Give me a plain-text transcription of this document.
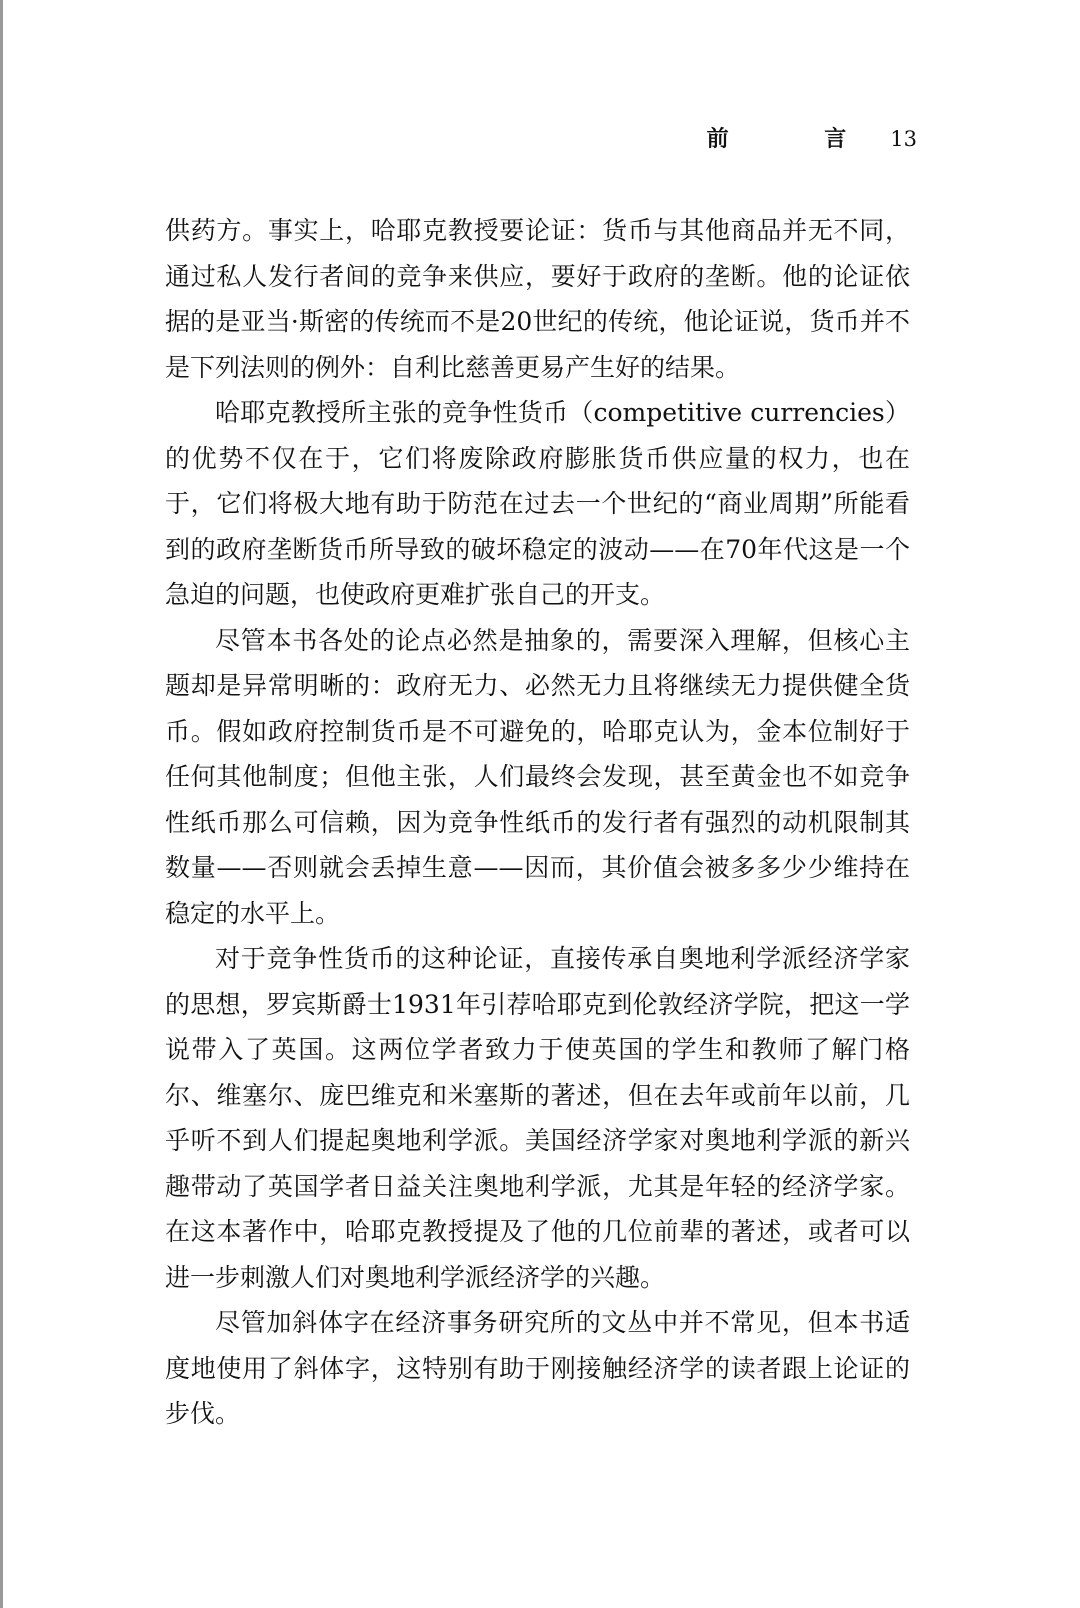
前 言 13

供药方。事实上，哈耶克教授要论证：货币与其他商品并无不同，通过私人发行者间的竞争来供应，要好于政府的垄断。他的论证依据的是亚当·斯密的传统而不是20世纪的传统，他论证说，货币并不是下列法则的例外：自利比慈善更易产生好的结果。

哈耶克教授所主张的竞争性货币（competitive currencies）的优势不仅在于，它们将废除政府膨胀货币供应量的权力，也在于，它们将极大地有助于防范在过去一个世纪的“商业周期”所能看到的政府垄断货币所导致的破坏稳定的波动——在70年代这是一个急迫的问题，也使政府更难扩张自己的开支。

尽管本书各处的论点必然是抽象的，需要深入理解，但核心主题却是异常明晰的：政府无力、必然无力且将继续无力提供健全货币。假如政府控制货币是不可避免的，哈耶克认为，金本位制好于任何其他制度；但他主张，人们最终会发现，甚至黄金也不如竞争性纸币那么可信赖，因为竞争性纸币的发行者有强烈的动机限制其数量——否则就会丢掉生意——因而，其价值会被多多少少维持在稳定的水平上。

对于竞争性货币的这种论证，直接传承自奥地利学派经济学家的思想，罗宾斯爵士1931年引荐哈耶克到伦敦经济学院，把这一学说带入了英国。这两位学者致力于使英国的学生和教师了解门格尔、维塞尔、庞巴维克和米塞斯的著述，但在去年或前年以前，几乎听不到人们提起奥地利学派。美国经济学家对奥地利学派的新兴趣带动了英国学者日益关注奥地利学派，尤其是年轻的经济学家。在这本著作中，哈耶克教授提及了他的几位前辈的著述，或者可以进一步刺激人们对奥地利学派经济学的兴趣。

尽管加斜体字在经济事务研究所的文丛中并不常见，但本书适度地使用了斜体字，这特别有助于刚接触经济学的读者跟上论证的步伐。
